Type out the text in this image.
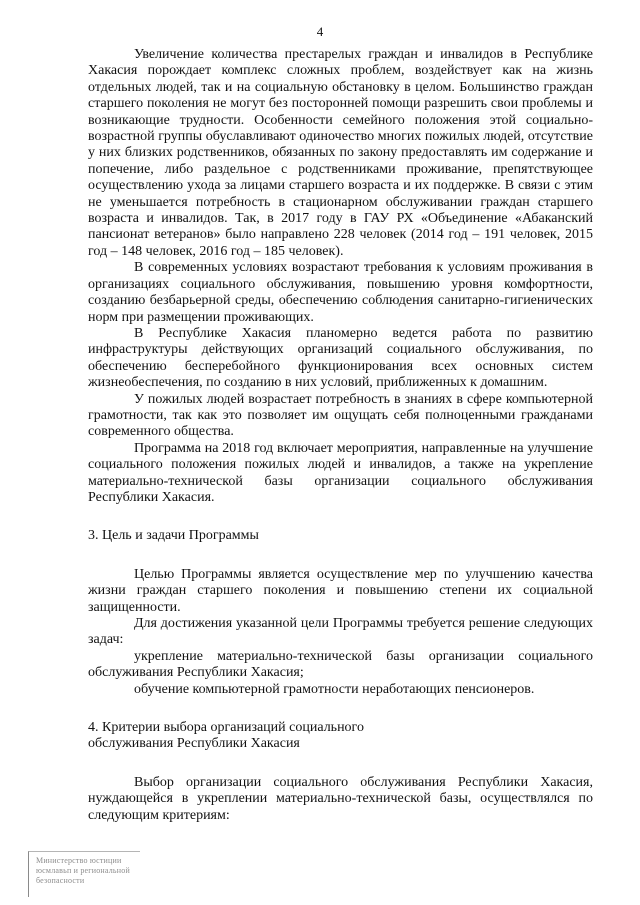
4

Увеличение количества престарелых граждан и инвалидов в Республике Хакасия порождает комплекс сложных проблем, воздействует как на жизнь отдельных людей, так и на социальную обстановку в целом. Большинство граждан старшего поколения не могут без посторонней помощи разрешить свои проблемы и возникающие трудности. Особенности семейного положения этой социально-возрастной группы обуславливают одиночество многих пожилых людей, отсутствие у них близких родственников, обязанных по закону предоставлять им содержание и попечение, либо раздельное с родственниками проживание, препятствующее осуществлению ухода за лицами старшего возраста и их поддержке. В связи с этим не уменьшается потребность в стационарном обслуживании граждан старшего возраста и инвалидов. Так, в 2017 году в ГАУ РХ «Объединение «Абаканский пансионат ветеранов» было направлено 228 человек (2014 год – 191 человек, 2015 год – 148 человек, 2016 год – 185 человек).

В современных условиях возрастают требования к условиям проживания в организациях социального обслуживания, повышению уровня комфортности, созданию безбарьерной среды, обеспечению соблюдения санитарно-гигиенических норм при размещении проживающих.

В Республике Хакасия планомерно ведется работа по развитию инфраструктуры действующих организаций социального обслуживания, по обеспечению бесперебойного функционирования всех основных систем жизнеобеспечения, по созданию в них условий, приближенных к домашним.

У пожилых людей возрастает потребность в знаниях в сфере компьютерной грамотности, так как это позволяет им ощущать себя полноценными гражданами современного общества.

Программа на 2018 год включает мероприятия, направленные на улучшение социального положения пожилых людей и инвалидов, а также на укрепление материально-технической базы организации социального обслуживания Республики Хакасия.

3. Цель и задачи Программы

Целью Программы является осуществление мер по улучшению качества жизни граждан старшего поколения и повышению степени их социальной защищенности.

Для достижения указанной цели Программы требуется решение следующих задач:

укрепление материально-технической базы организации социального обслуживания Республики Хакасия;

обучение компьютерной грамотности неработающих пенсионеров.

4. Критерии выбора организаций социального

обслуживания Республики Хакасия

Выбор организации социального обслуживания Республики Хакасия, нуждающейся в укреплении материально-технической базы, осуществлялся по следующим критериям:

Министерство юстиции
юсмлавьп и региональной
безопасности
